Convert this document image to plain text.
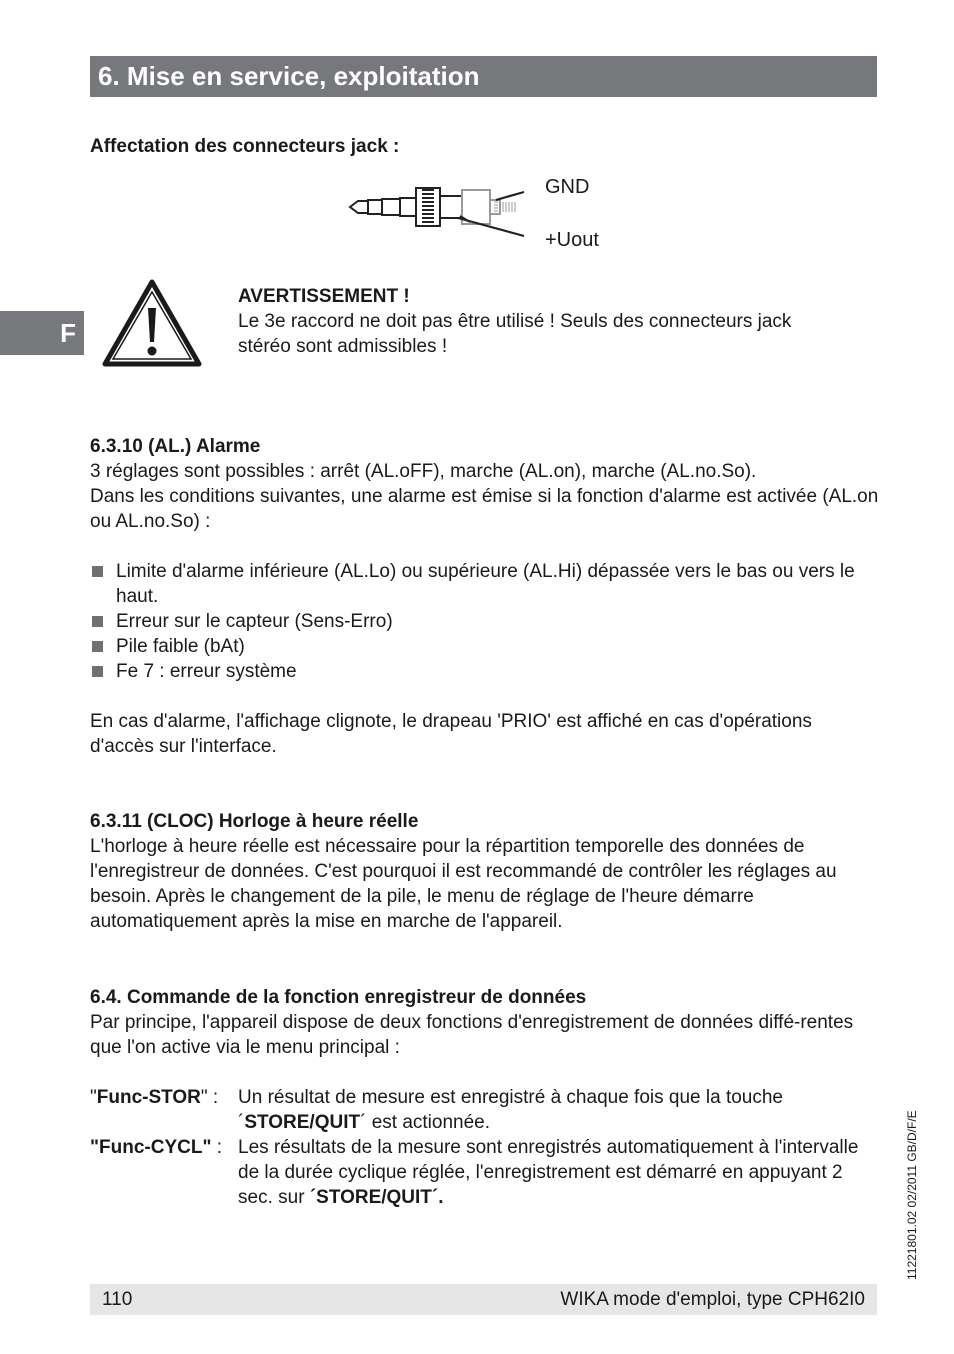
6. Mise en service, exploitation
F
Affectation des connecteurs jack :
GND
+Uout
AVERTISSEMENT !
Le 3e raccord ne doit pas être utilisé ! Seuls des connecteurs jack stéréo sont admissibles !
6.3.10 (AL.) Alarme
3 réglages sont possibles : arrêt (AL.oFF), marche (AL.on), marche (AL.no.So).
Dans les conditions suivantes, une alarme est émise si la fonction d'alarme est activée (AL.on ou AL.no.So) :
Limite d'alarme inférieure (AL.Lo) ou supérieure (AL.Hi) dépassée vers le bas ou vers le haut.
Erreur sur le capteur (Sens-Erro)
Pile faible (bAt)
Fe 7 : erreur système
En cas d'alarme, l'affichage clignote, le drapeau 'PRIO' est affiché en cas d'opérations d'accès sur l'interface.
6.3.11 (CLOC) Horloge à heure réelle
L'horloge à heure réelle est nécessaire pour la répartition temporelle des données de l'enregistreur de données. C'est pourquoi il est recommandé de contrôler les réglages au besoin. Après le changement de la pile, le menu de réglage de l'heure démarre automatiquement après la mise en marche de l'appareil.
6.4. Commande de la fonction enregistreur de données
Par principe, l'appareil dispose de deux fonctions d'enregistrement de données diffé-rentes que l'on active via le menu principal :
"Func-STOR" : Un résultat de mesure est enregistré à chaque fois que la touche
´STORE/QUIT´ est actionnée.
"Func-CYCL" : Les résultats de la mesure sont enregistrés automatiquement à l'intervalle de la durée cyclique réglée, l'enregistrement est démarré en appuyant 2 sec. sur ´STORE/QUIT´.	11221801.02 02/2011 GB/D/F/E
110	WIKA mode d'emploi, type CPH62I0
